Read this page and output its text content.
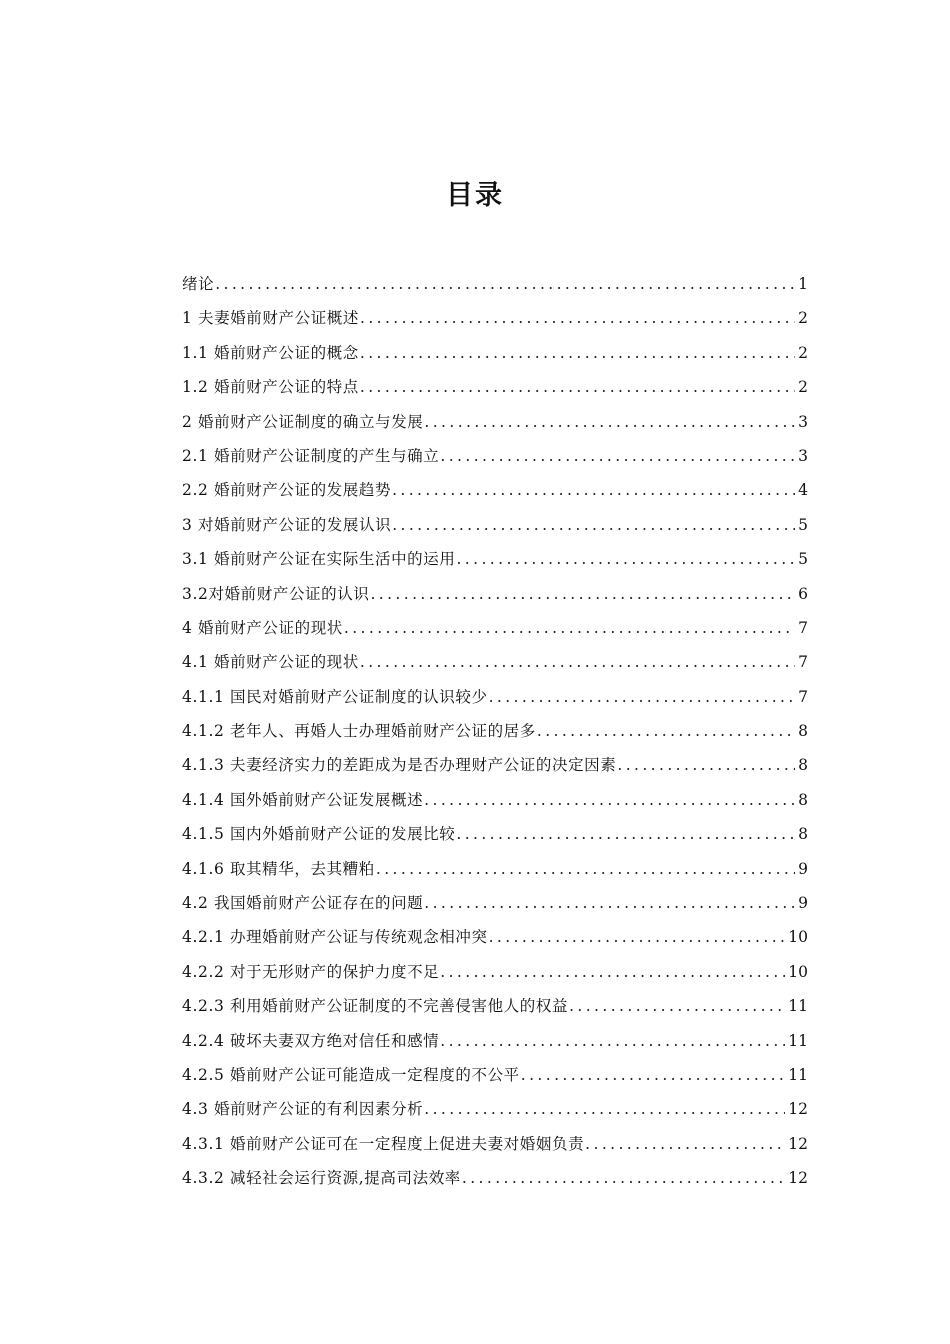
目录
绪论 .....	1
1 夫妻婚前财产公证概述 .....	2
1.1 婚前财产公证的概念 .....	2
1.2 婚前财产公证的特点 .....	2
2 婚前财产公证制度的确立与发展 .....	3
2.1 婚前财产公证制度的产生与确立 .....	3
2.2 婚前财产公证的发展趋势 .....	4
3 对婚前财产公证的发展认识 .....	5
3.1 婚前财产公证在实际生活中的运用 .....	5
3.2对婚前财产公证的认识 .....	6
4 婚前财产公证的现状 .....	7
4.1 婚前财产公证的现状 .....	7
4.1.1 国民对婚前财产公证制度的认识较少 .....	7
4.1.2 老年人、再婚人士办理婚前财产公证的居多 .....	8
4.1.3 夫妻经济实力的差距成为是否办理财产公证的决定因素 .....	8
4.1.4 国外婚前财产公证发展概述 .....	8
4.1.5 国内外婚前财产公证的发展比较 .....	8
4.1.6 取其精华，去其糟粕 .....	9
4.2 我国婚前财产公证存在的问题 .....	9
4.2.1 办理婚前财产公证与传统观念相冲突 .....	10
4.2.2 对于无形财产的保护力度不足 .....	10
4.2.3 利用婚前财产公证制度的不完善侵害他人的权益 .....	11
4.2.4 破坏夫妻双方绝对信任和感情 .....	11
4.2.5 婚前财产公证可能造成一定程度的不公平 .....	11
4.3 婚前财产公证的有利因素分析 .....	12
4.3.1 婚前财产公证可在一定程度上促进夫妻对婚姻负责 .....	12
4.3.2 减轻社会运行资源,提高司法效率 .....	12
